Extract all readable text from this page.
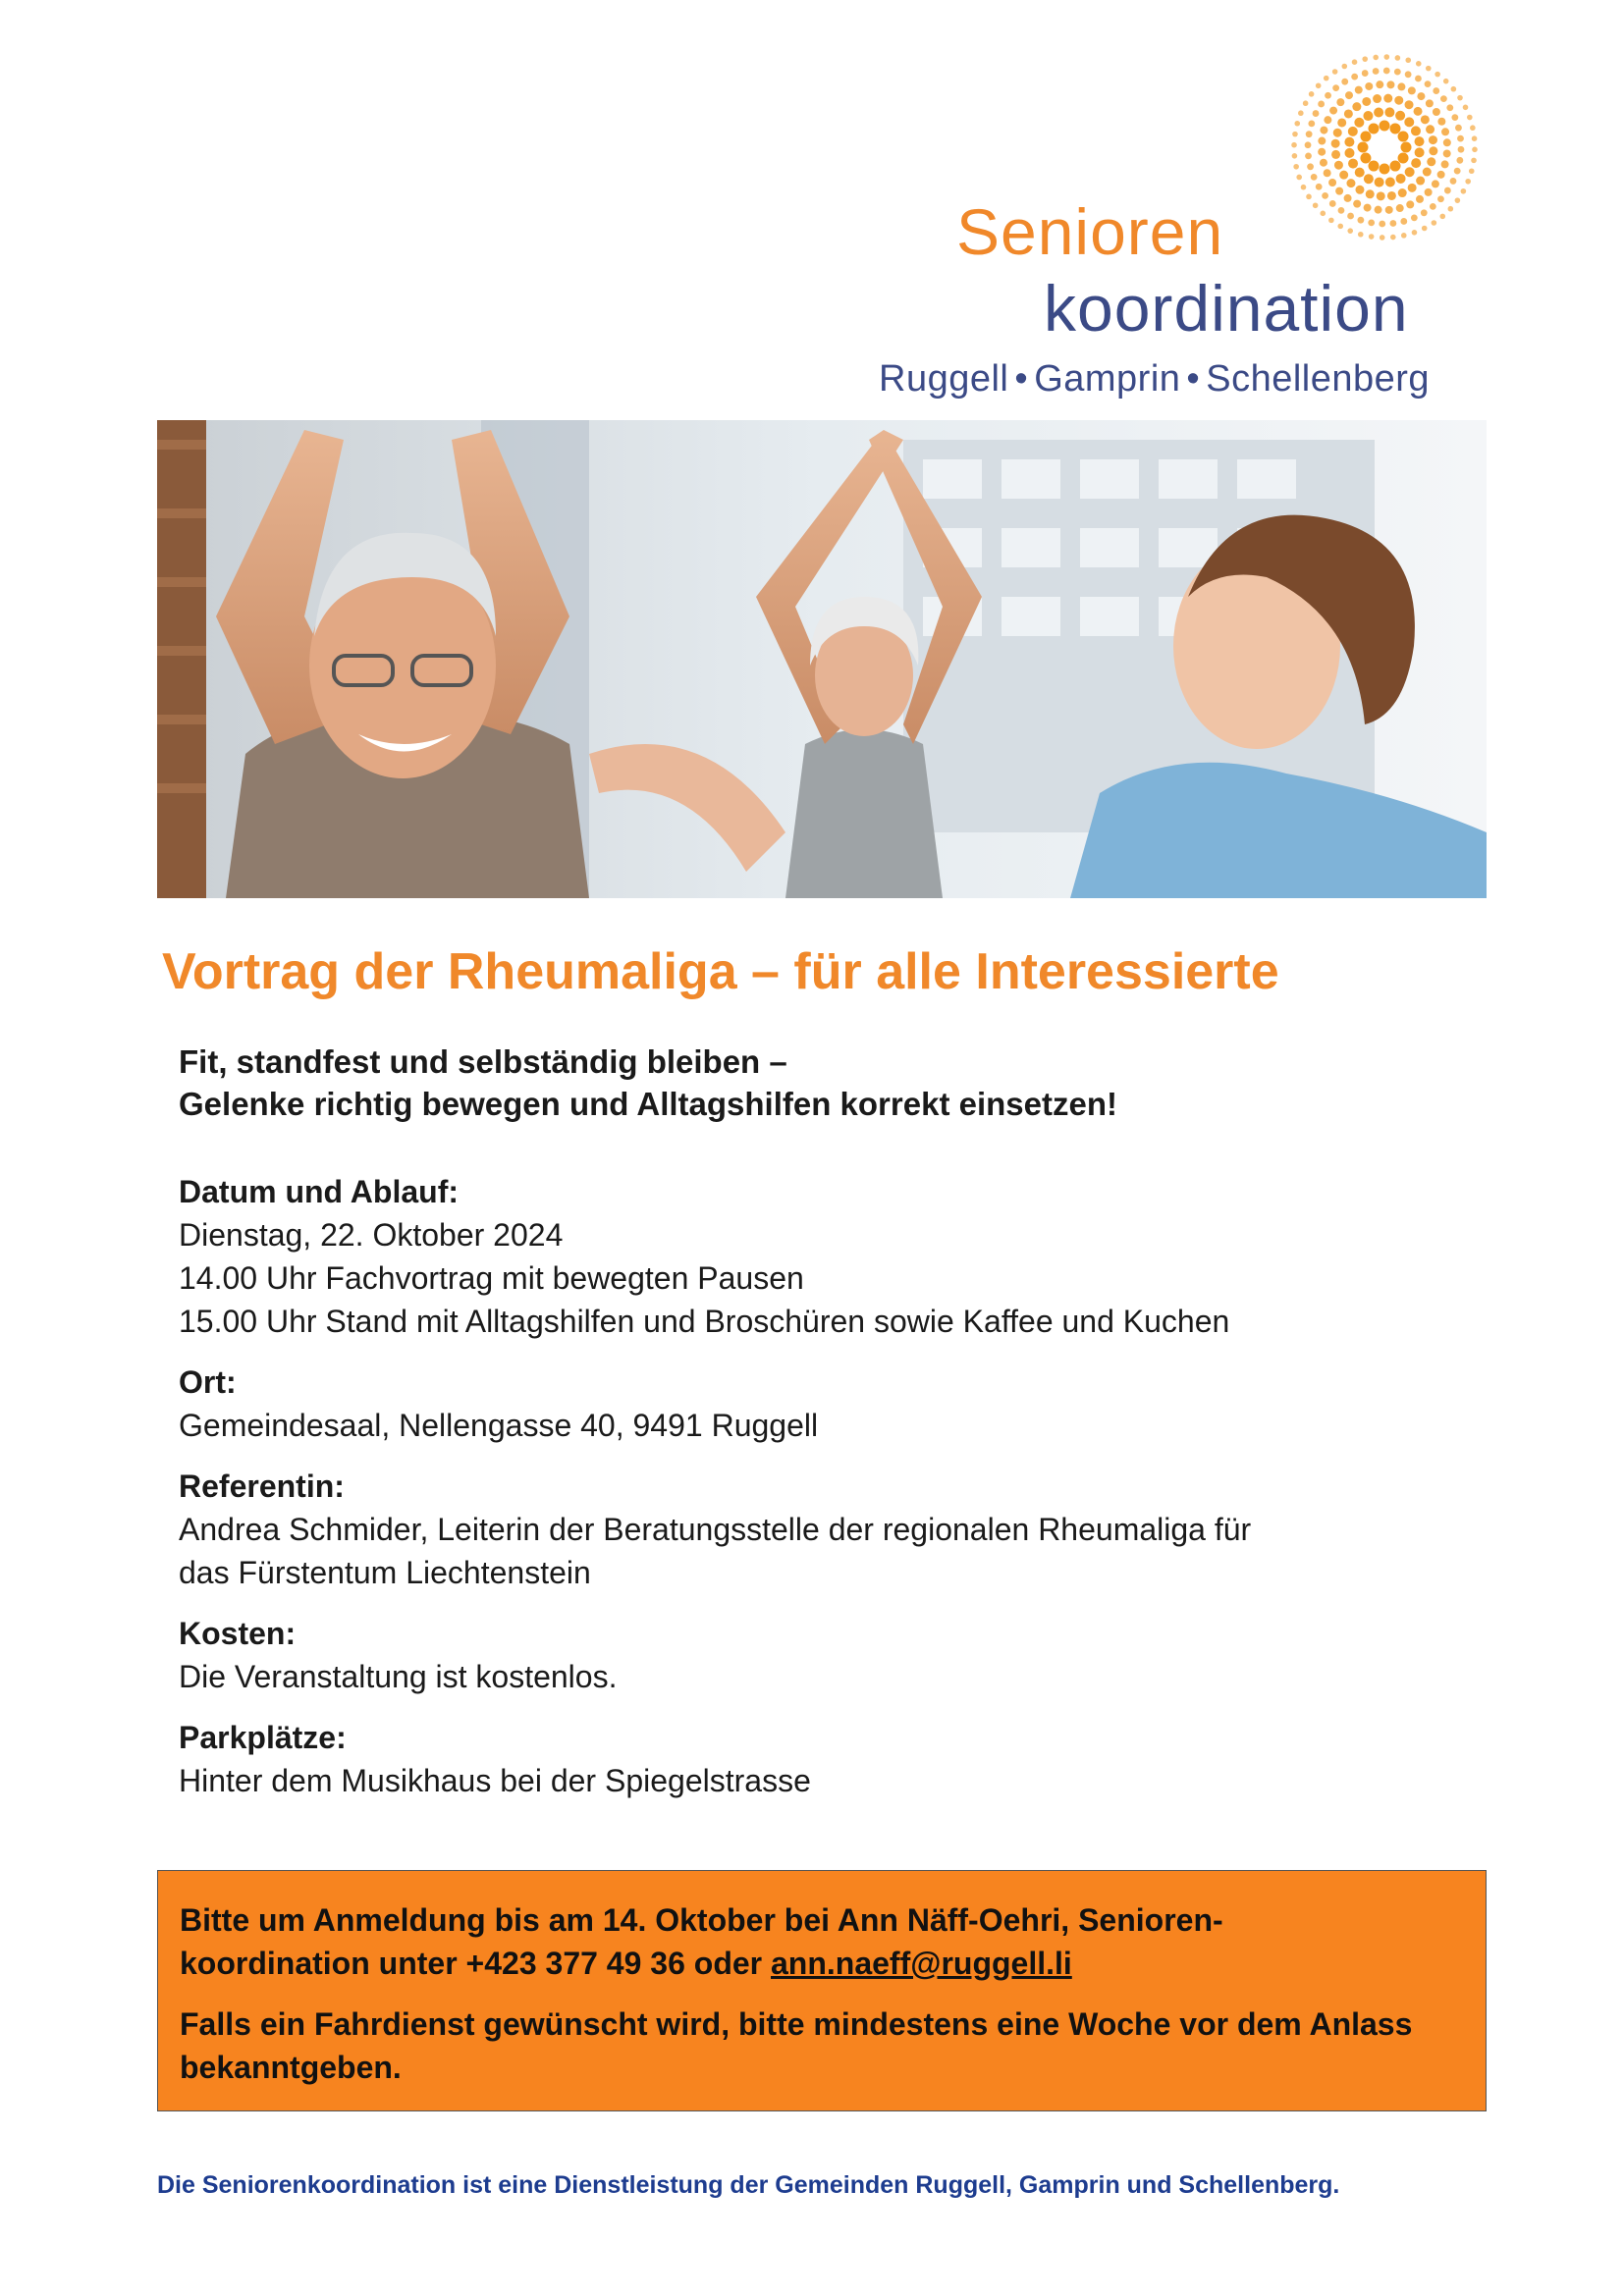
Senioren
koordination
Ruggell • Gamprin • Schellenberg
Vortrag der Rheumaliga – für alle Interessierte

Fit, standfest und selbständig bleiben –

Gelenke richtig bewegen und Alltagshilfen korrekt einsetzen!

Datum und Ablauf:
Dienstag, 22. Oktober 2024
14.00 Uhr Fachvortrag mit bewegten Pausen
15.00 Uhr Stand mit Alltagshilfen und Broschüren sowie Kaffee und Kuchen
Ort:
Gemeindesaal, Nellengasse 40, 9491 Ruggell
Referentin:
Andrea Schmider, Leiterin der Beratungsstelle der regionalen Rheumaliga für
das Fürstentum Liechtenstein
Kosten:
Die Veranstaltung ist kostenlos.
Parkplätze:
Hinter dem Musikhaus bei der Spiegelstrasse

Bitte um Anmeldung bis am 14. Oktober bei Ann Näff-Oehri, Senioren-
koordination unter +423 377 49 36 oder ann.naeff@ruggell.li

Falls ein Fahrdienst gewünscht wird, bitte mindestens eine Woche vor dem Anlass bekanntgeben.

Die Seniorenkoordination ist eine Dienstleistung der Gemeinden Ruggell, Gamprin und Schellenberg.
